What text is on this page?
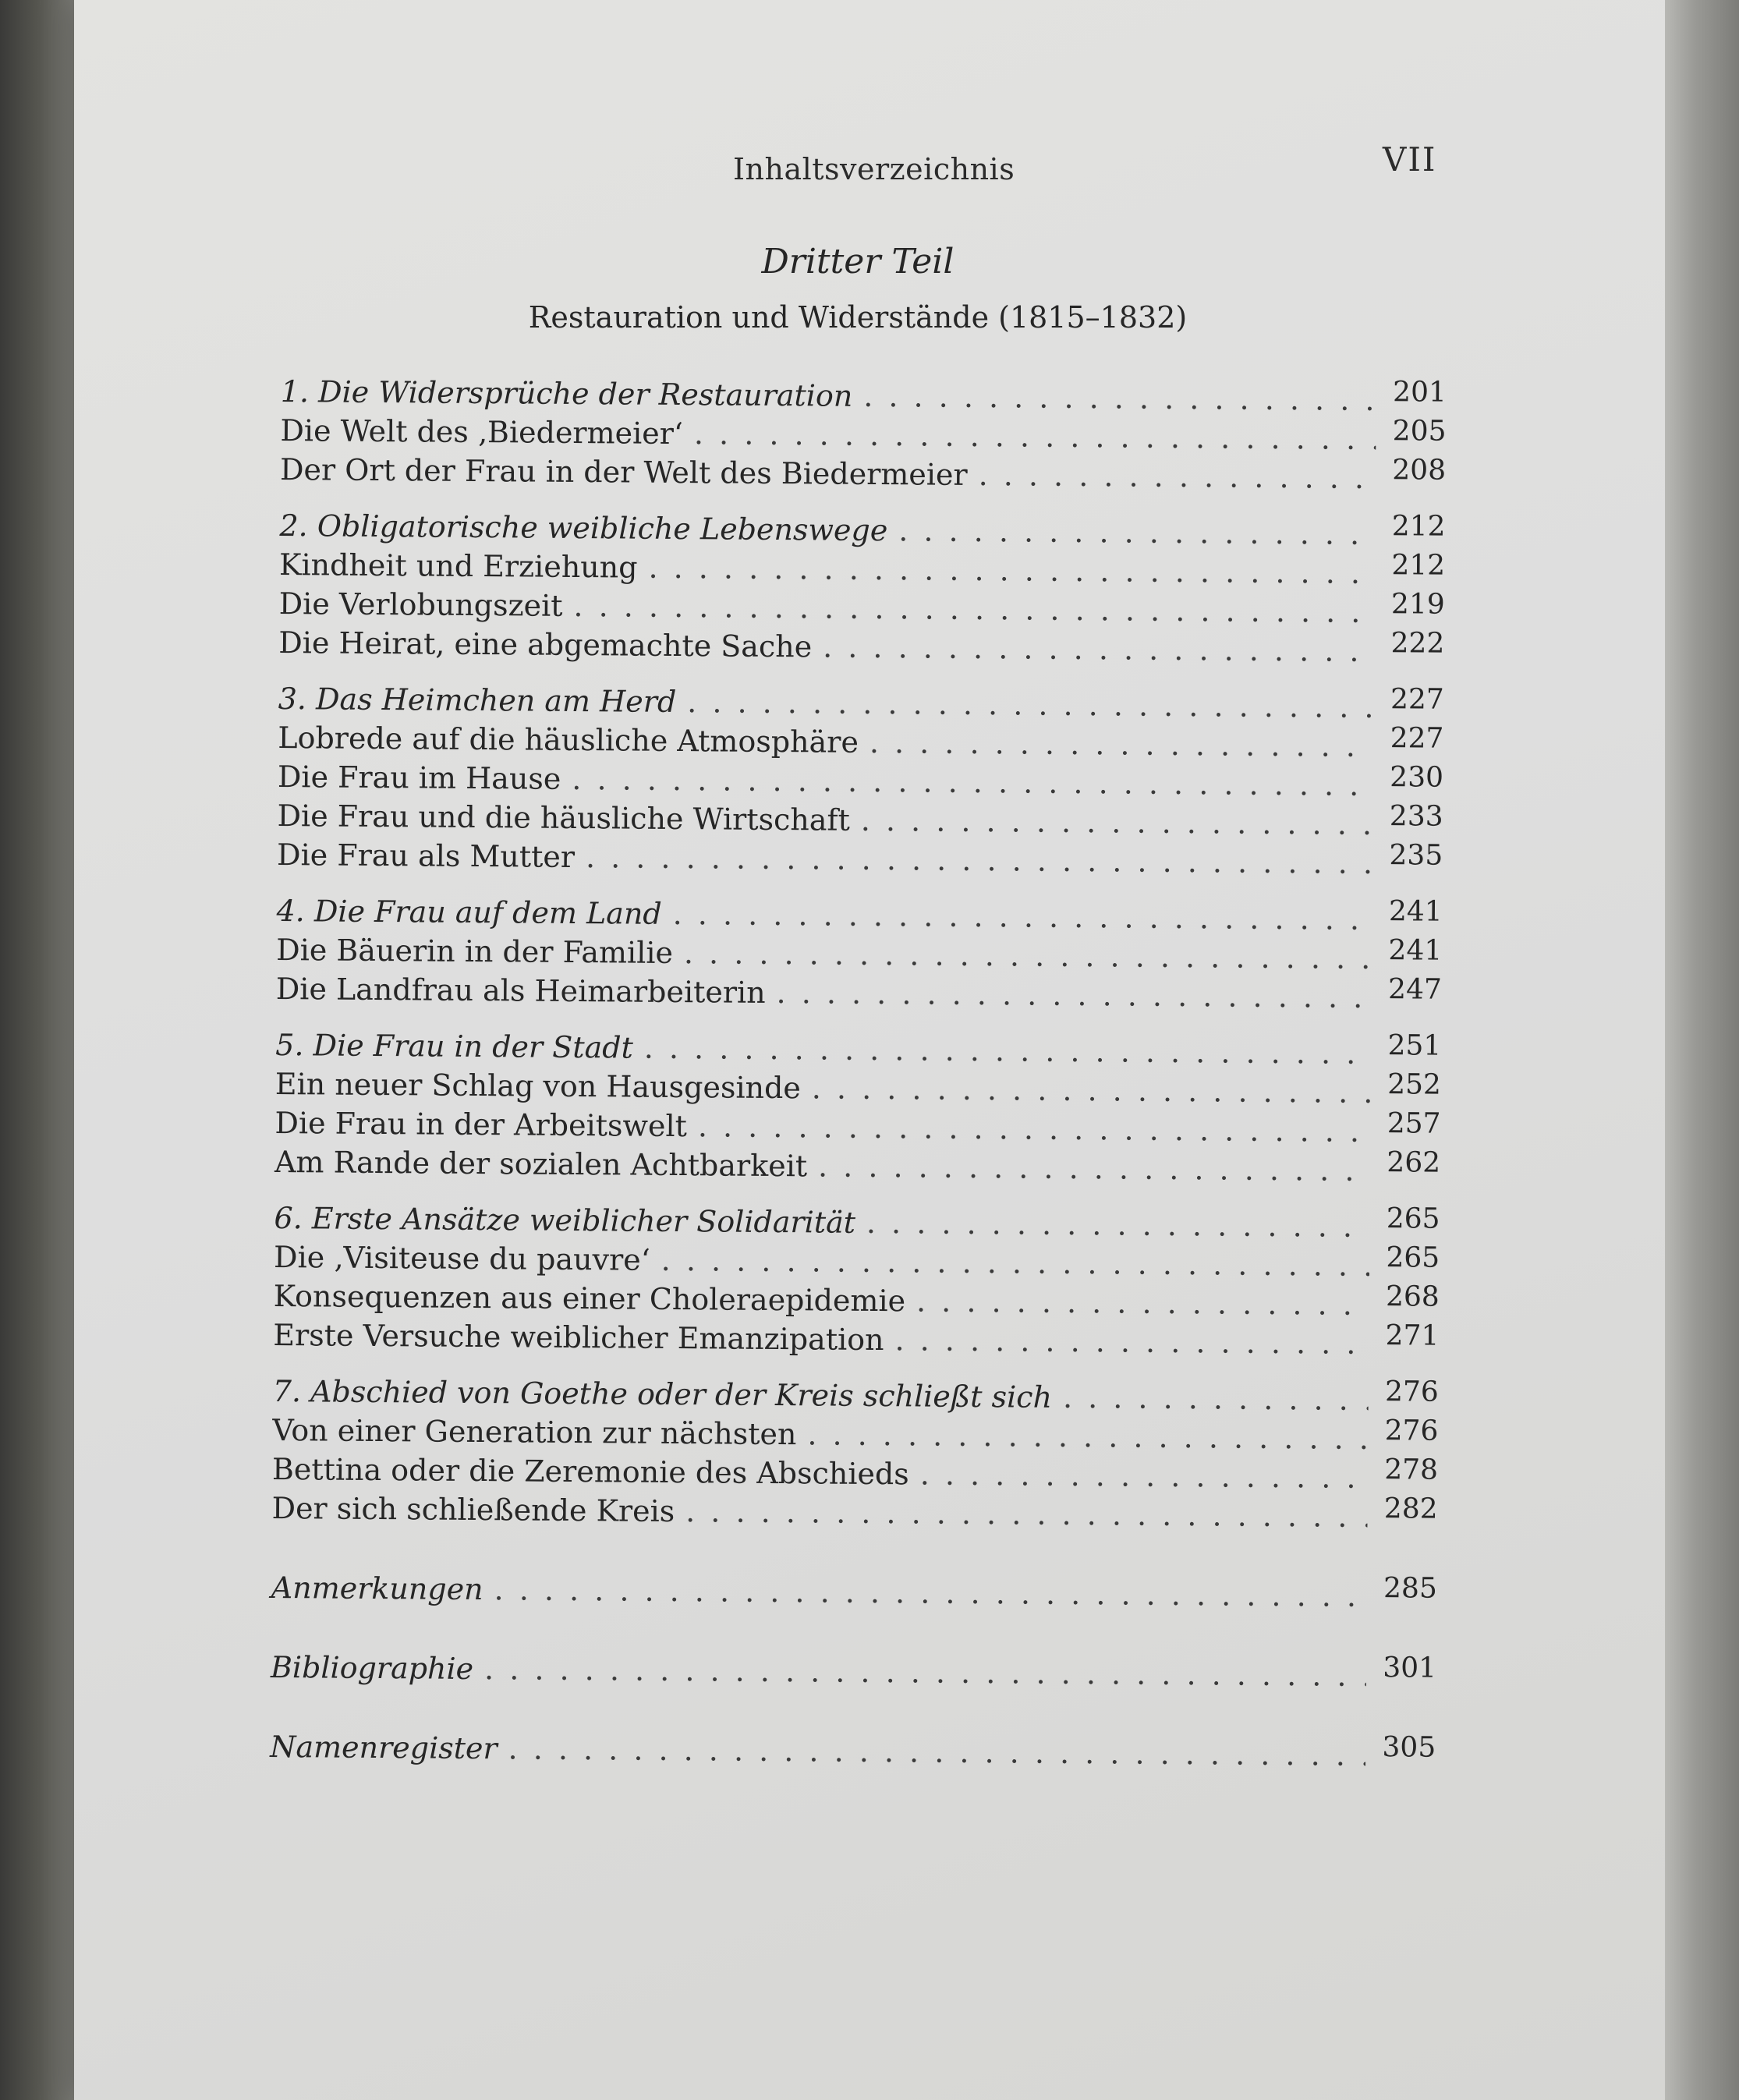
Inhaltsverzeichnis	VII
Dritter Teil
Restauration und Widerstände (1815–1832)
1. Die Widersprüche der Restauration . . .	201
Die Welt des ‚Biedermeier‘ . . .	205
Der Ort der Frau in der Welt des Biedermeier . . .	208
2. Obligatorische weibliche Lebenswege . . .	212
Kindheit und Erziehung . . .	212
Die Verlobungszeit . . .	219
Die Heirat, eine abgemachte Sache . . .	222
3. Das Heimchen am Herd . . .	227
Lobrede auf die häusliche Atmosphäre . . .	227
Die Frau im Hause . . .	230
Die Frau und die häusliche Wirtschaft . . .	233
Die Frau als Mutter . . .	235
4. Die Frau auf dem Land . . .	241
Die Bäuerin in der Familie . . .	241
Die Landfrau als Heimarbeiterin . . .	247
5. Die Frau in der Stadt . . .	251
Ein neuer Schlag von Hausgesinde . . .	252
Die Frau in der Arbeitswelt . . .	257
Am Rande der sozialen Achtbarkeit . . .	262
6. Erste Ansätze weiblicher Solidarität . . .	265
Die ‚Visiteuse du pauvre‘ . . .	265
Konsequenzen aus einer Choleraepidemie . . .	268
Erste Versuche weiblicher Emanzipation . . .	271
7. Abschied von Goethe oder der Kreis schließt sich . . .	276
Von einer Generation zur nächsten . . .	276
Bettina oder die Zeremonie des Abschieds . . .	278
Der sich schließende Kreis . . .	282
Anmerkungen . . .	285
Bibliographie . . .	301
Namenregister . . .	305
